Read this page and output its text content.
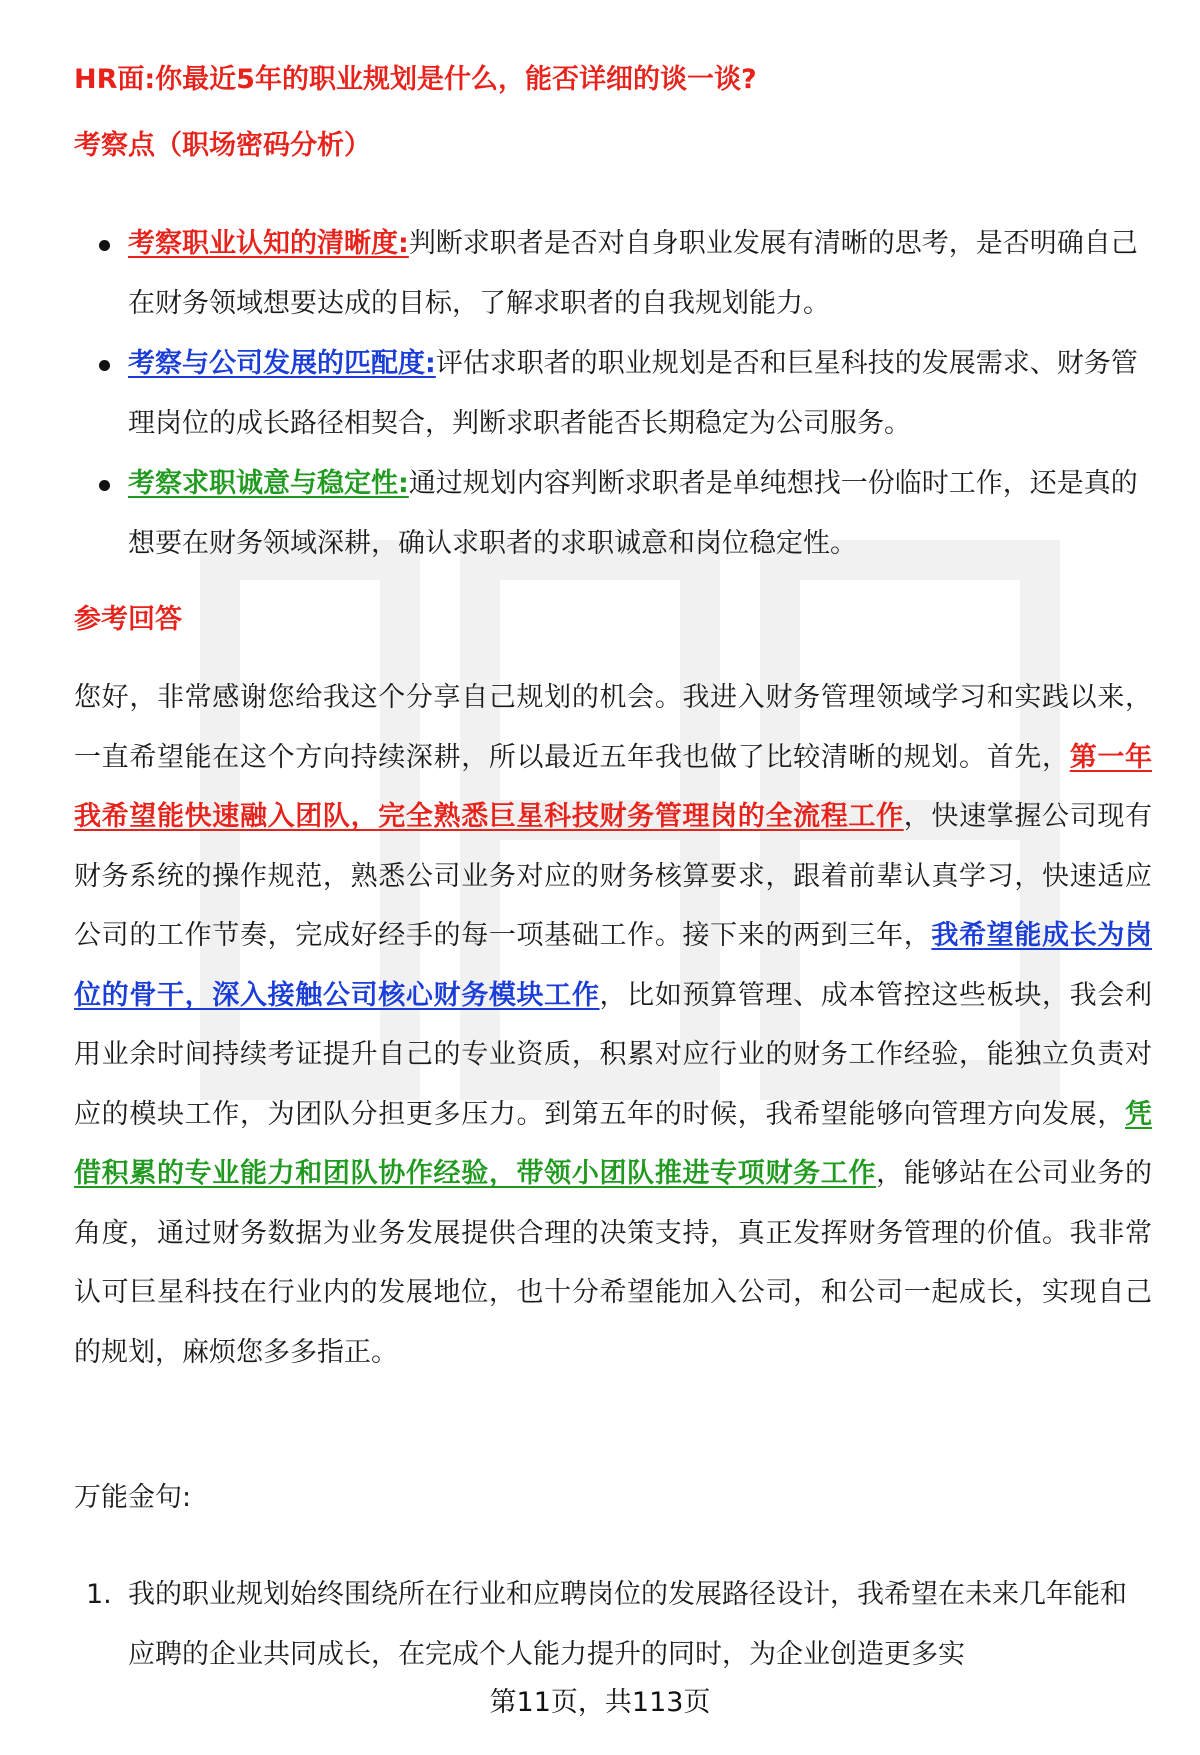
HR面:你最近5年的职业规划是什么，能否详细的谈一谈?
考察点（职场密码分析）
考察职业认知的清晰度:判断求职者是否对自身职业发展有清晰的思考，是否明确自己在财务领域想要达成的目标，了解求职者的自我规划能力。
考察与公司发展的匹配度:评估求职者的职业规划是否和巨星科技的发展需求、财务管理岗位的成长路径相契合，判断求职者能否长期稳定为公司服务。
考察求职诚意与稳定性:通过规划内容判断求职者是单纯想找一份临时工作，还是真的想要在财务领域深耕，确认求职者的求职诚意和岗位稳定性。
参考回答
您好，非常感谢您给我这个分享自己规划的机会。我进入财务管理领域学习和实践以来，一直希望能在这个方向持续深耕，所以最近五年我也做了比较清晰的规划。首先，第一年我希望能快速融入团队，完全熟悉巨星科技财务管理岗的全流程工作，快速掌握公司现有财务系统的操作规范，熟悉公司业务对应的财务核算要求，跟着前辈认真学习，快速适应公司的工作节奏，完成好经手的每一项基础工作。接下来的两到三年，我希望能成长为岗位的骨干，深入接触公司核心财务模块工作，比如预算管理、成本管控这些板块，我会利用业余时间持续考证提升自己的专业资质，积累对应行业的财务工作经验，能独立负责对应的模块工作，为团队分担更多压力。到第五年的时候，我希望能够向管理方向发展，凭借积累的专业能力和团队协作经验，带领小团队推进专项财务工作，能够站在公司业务的角度，通过财务数据为业务发展提供合理的决策支持，真正发挥财务管理的价值。我非常认可巨星科技在行业内的发展地位，也十分希望能加入公司，和公司一起成长，实现自己的规划，麻烦您多多指正。
万能金句:
1. 我的职业规划始终围绕所在行业和应聘岗位的发展路径设计，我希望在未来几年能和应聘的企业共同成长，在完成个人能力提升的同时，为企业创造更多实
第11页，共113页
